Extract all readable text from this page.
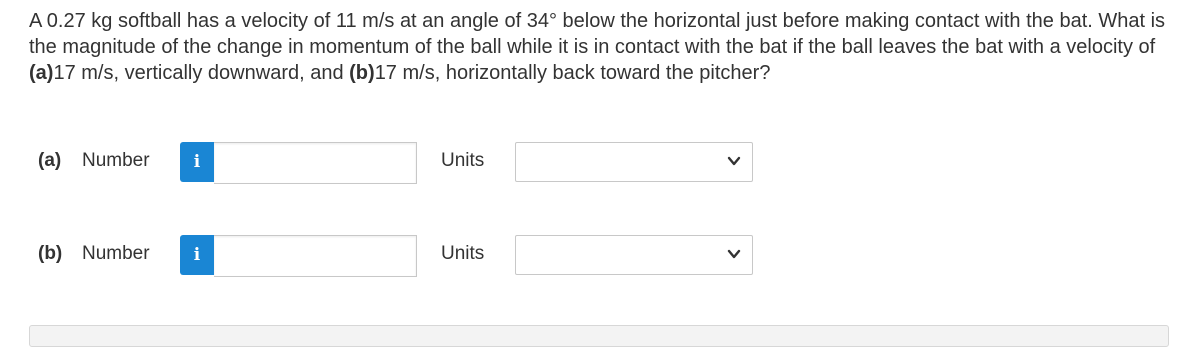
A 0.27 kg softball has a velocity of 11 m/s at an angle of 34° below the horizontal just before making contact with the bat. What is the magnitude of the change in momentum of the ball while it is in contact with the bat if the ball leaves the bat with a velocity of (a)17 m/s, vertically downward, and (b)17 m/s, horizontally back toward the pitcher?
(a) Number	i	Units
(b) Number	i	Units
